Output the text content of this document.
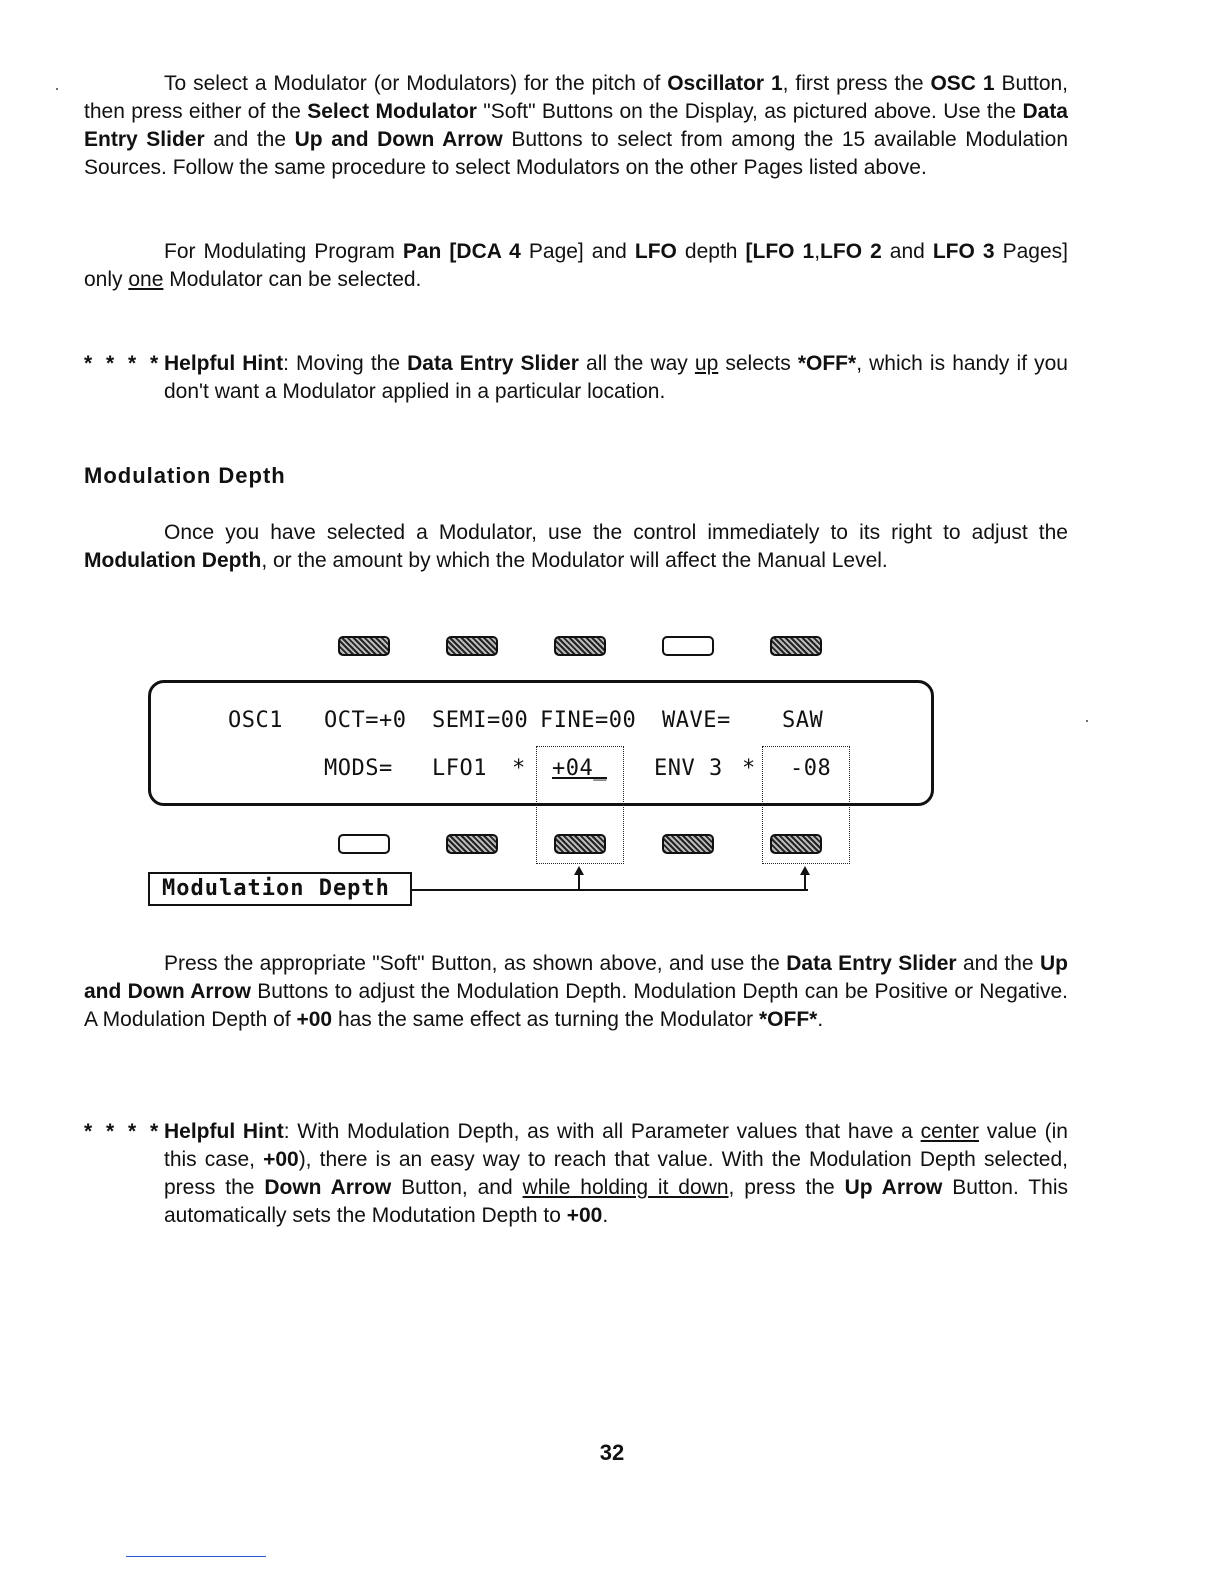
To select a Modulator (or Modulators) for the pitch of Oscillator 1, first press the OSC 1 Button, then press either of the Select Modulator "Soft" Buttons on the Display, as pictured above. Use the Data Entry Slider and the Up and Down Arrow Buttons to select from among the 15 available Modulation Sources. Follow the same procedure to select Modulators on the other Pages listed above.

For Modulating Program Pan [DCA 4 Page] and LFO depth [LFO 1,LFO 2 and LFO 3 Pages] only one Modulator can be selected.

* * * * Helpful Hint: Moving the Data Entry Slider all the way up selects *OFF*, which is handy if you don't want a Modulator applied in a particular location.
Modulation Depth

Once you have selected a Modulator, use the control immediately to its right to adjust the Modulation Depth, or the amount by which the Modulator will affect the Manual Level.

OSC1 OCT=+0 SEMI=00 FINE=00 WAVE= SAW
MODS= LFO1 * +04_ ENV 3 * -08
Modulation Depth

Press the appropriate "Soft" Button, as shown above, and use the Data Entry Slider and the Up and Down Arrow Buttons to adjust the Modulation Depth. Modulation Depth can be Positive or Negative. A Modulation Depth of +00 has the same effect as turning the Modulator *OFF*.

* * * * Helpful Hint: With Modulation Depth, as with all Parameter values that have a center value (in this case, +00), there is an easy way to reach that value. With the Modulation Depth selected, press the Down Arrow Button, and while holding it down, press the Up Arrow Button. This automatically sets the Modutation Depth to +00.
32
